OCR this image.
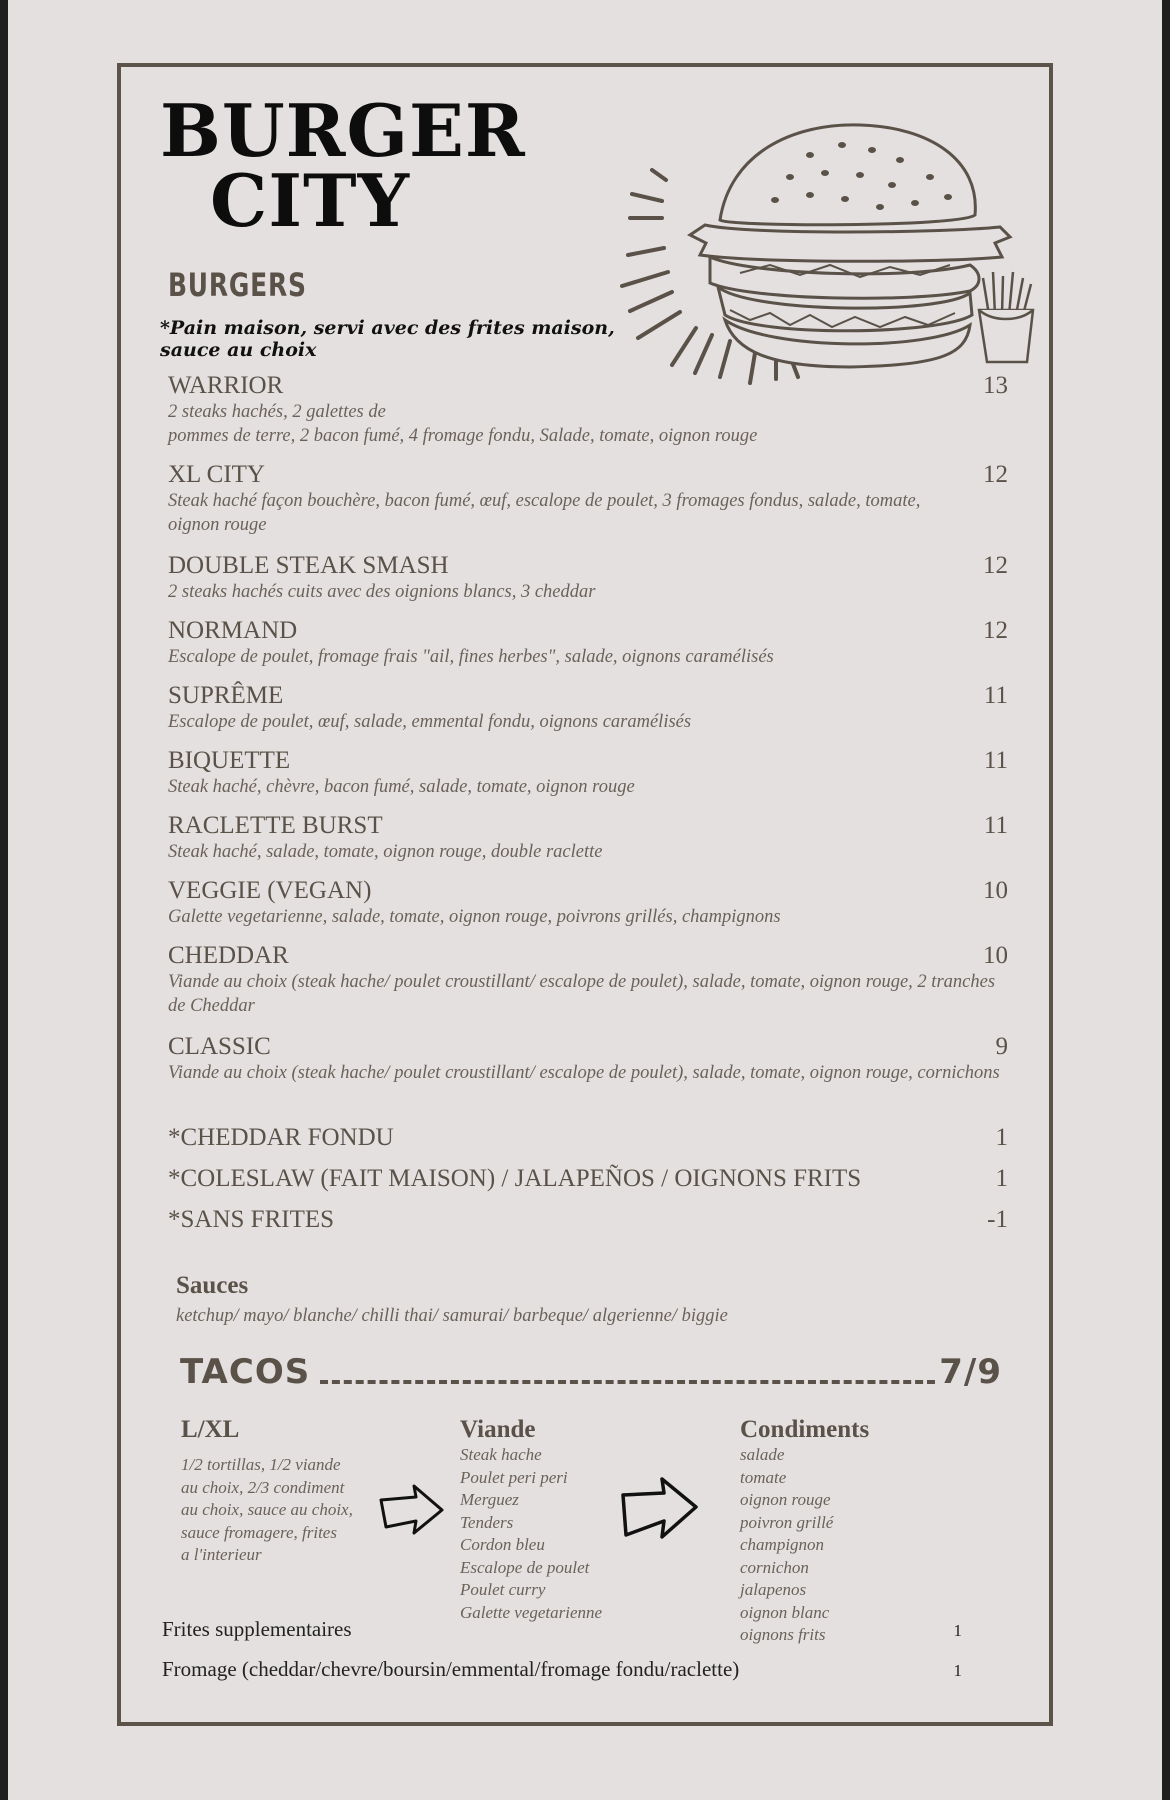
BURGER

CITY

BURGERS

*Pain maison, servi avec des frites maison, sauce au choix

WARRIOR	13

2 steaks hachés, 2 galettes de
pommes de terre, 2 bacon fumé, 4 fromage fondu, Salade, tomate, oignon rouge

XL CITY	12

Steak haché façon bouchère, bacon fumé, œuf, escalope de poulet, 3 fromages fondus, salade, tomate, oignon rouge

DOUBLE STEAK SMASH	12

2 steaks hachés cuits avec des oignions blancs, 3 cheddar

NORMAND	12

Escalope de poulet, fromage frais "ail, fines herbes", salade, oignons caramélisés

SUPRÊME	11

Escalope de poulet, œuf, salade, emmental fondu, oignons caramélisés

BIQUETTE	11

Steak haché, chèvre, bacon fumé, salade, tomate, oignon rouge

RACLETTE BURST	11

Steak haché, salade, tomate, oignon rouge, double raclette

VEGGIE (VEGAN)	10

Galette vegetarienne, salade, tomate, oignon rouge, poivrons grillés, champignons

CHEDDAR	10

Viande au choix (steak hache/ poulet croustillant/ escalope de poulet), salade, tomate, oignon rouge, 2 tranches de Cheddar

CLASSIC	9

Viande au choix (steak hache/ poulet croustillant/ escalope de poulet), salade, tomate, oignon rouge, cornichons

*CHEDDAR FONDU	1
*COLESLAW (FAIT MAISON) / JALAPEÑOS / OIGNONS FRITS	1
*SANS FRITES	-1

Sauces

ketchup/ mayo/ blanche/ chilli thai/ samurai/ barbeque/ algerienne/ biggie

TACOS	7/9

L/XL

1/2 tortillas, 1/2 viande
au choix, 2/3 condiment
au choix, sauce au choix,
sauce fromagere, frites
a l'interieur

Viande

Steak hache
Poulet peri peri
Merguez
Tenders
Cordon bleu
Escalope de poulet
Poulet curry
Galette vegetarienne

Condiments

salade
tomate
oignon rouge
poivron grillé
champignon
cornichon
jalapenos
oignon blanc
oignons frits
Frites supplementaires	1
Fromage (cheddar/chevre/boursin/emmental/fromage fondu/raclette)	1
